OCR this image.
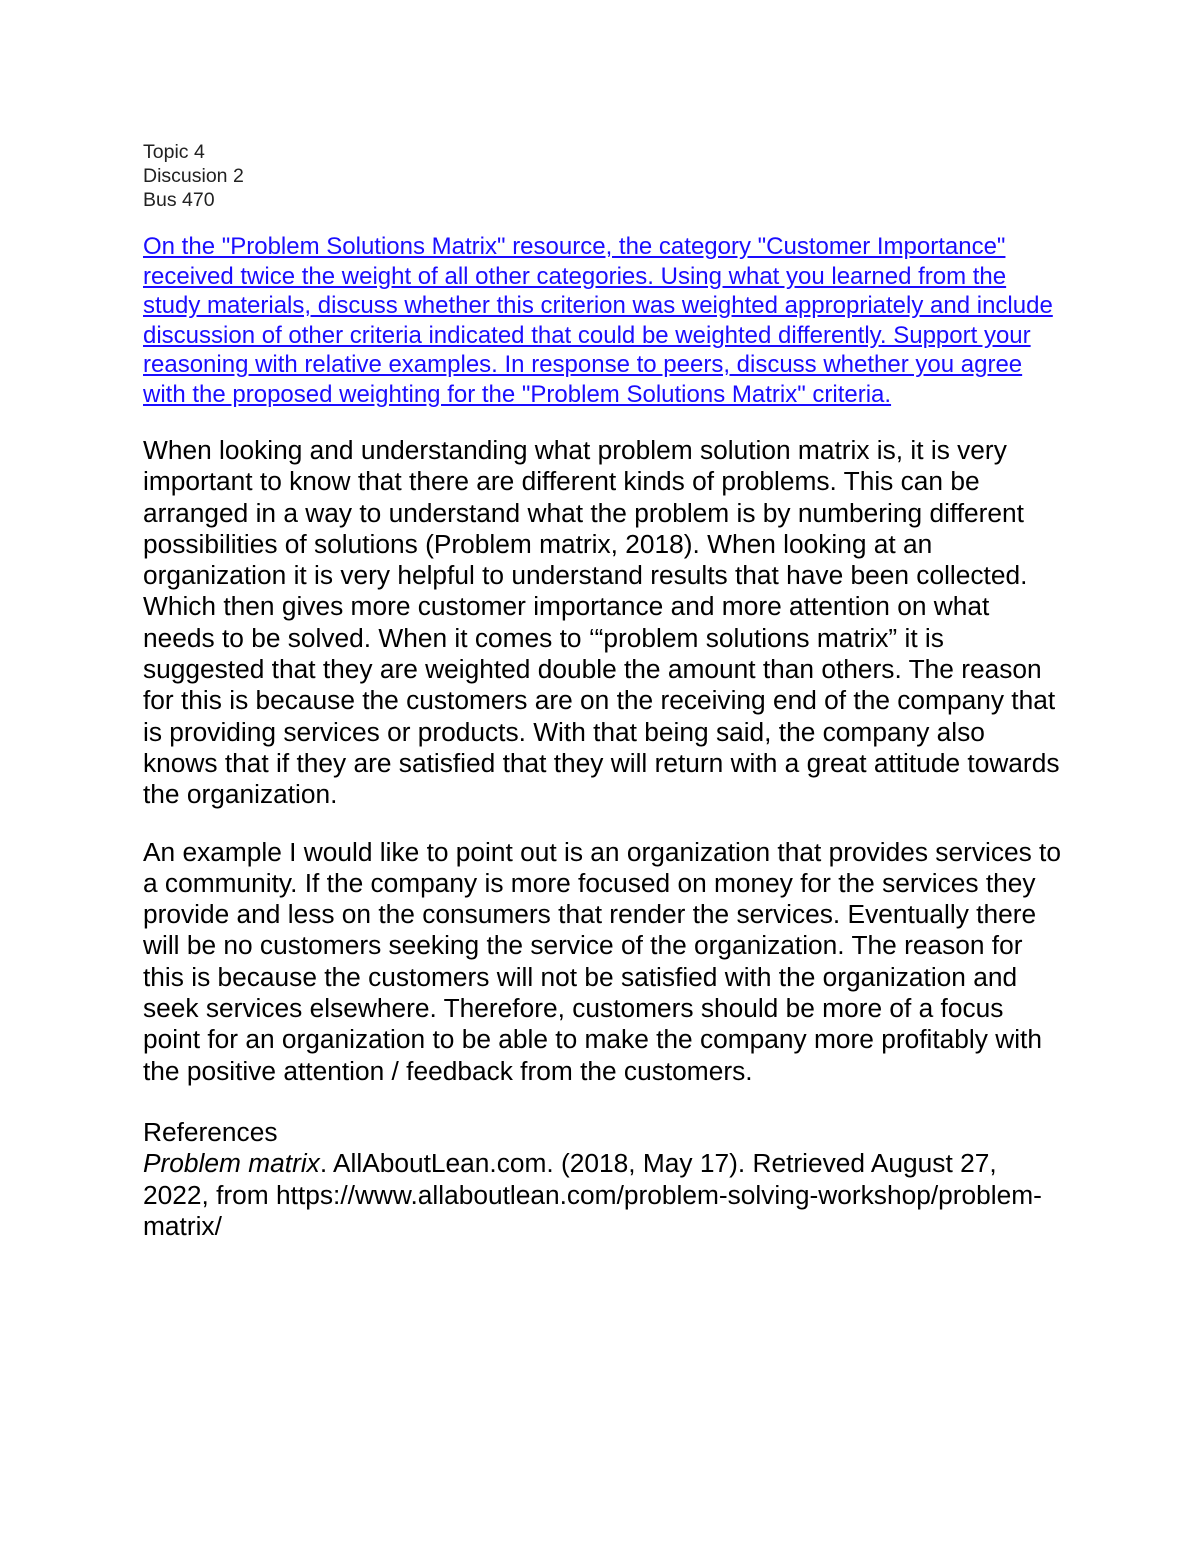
Topic 4

Discusion 2

Bus 470

On the "Problem Solutions Matrix" resource, the category "Customer Importance" received twice the weight of all other categories. Using what you learned from the study materials, discuss whether this criterion was weighted appropriately and include discussion of other criteria indicated that could be weighted differently. Support your reasoning with relative examples. In response to peers, discuss whether you agree with the proposed weighting for the "Problem Solutions Matrix" criteria.

When looking and understanding what problem solution matrix is, it is very important to know that there are different kinds of problems. This can be arranged in a way to understand what the problem is by numbering different possibilities of solutions (Problem matrix, 2018). When looking at an organization it is very helpful to understand results that have been collected. Which then gives more customer importance and more attention on what needs to be solved. When it comes to ‘“problem solutions matrix” it is suggested that they are weighted double the amount than others. The reason for this is because the customers are on the receiving end of the company that is providing services or products. With that being said, the company also knows that if they are satisfied that they will return with a great attitude towards the organization.

An example I would like to point out is an organization that provides services to a community. If the company is more focused on money for the services they provide and less on the consumers that render the services. Eventually there will be no customers seeking the service of the organization. The reason for this is because the customers will not be satisfied with the organization and seek services elsewhere. Therefore, customers should be more of a focus point for an organization to be able to make the company more profitably with the positive attention / feedback from the customers.

References

Problem matrix. AllAboutLean.com. (2018, May 17). Retrieved August 27, 2022, from https://www.allaboutlean.com/problem-solving-workshop/problem-matrix/
